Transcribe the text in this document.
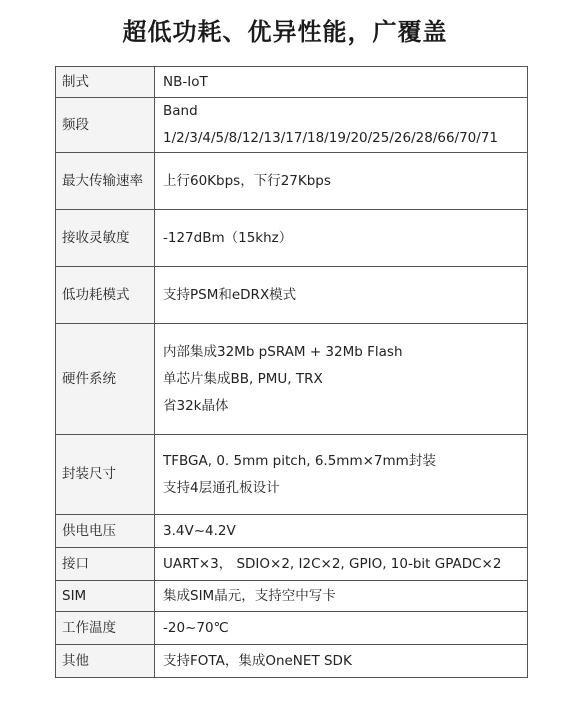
超低功耗、优异性能，广覆盖
制式	NB-IoT

频段	Band 1/2/3/4/5/8/12/13/17/18/19/20/25/26/28/66/70/71

最大传输速率	上行60Kbps，下行27Kbps

接收灵敏度	-127dBm（15khz）

低功耗模式	支持PSM和eDRX模式

硬件系统	内部集成32Mb pSRAM + 32Mb Flash
单芯片集成BB, PMU, TRX
省32k晶体

封装尺寸	TFBGA, 0. 5mm pitch, 6.5mm×7mm封装
支持4层通孔板设计

供电电压	3.4V~4.2V

接口	UART×3， SDIO×2, I2C×2, GPIO, 10-bit GPADC×2

SIM	集成SIM晶元，支持空中写卡

工作温度	-20~70℃

其他	支持FOTA，集成OneNET SDK
